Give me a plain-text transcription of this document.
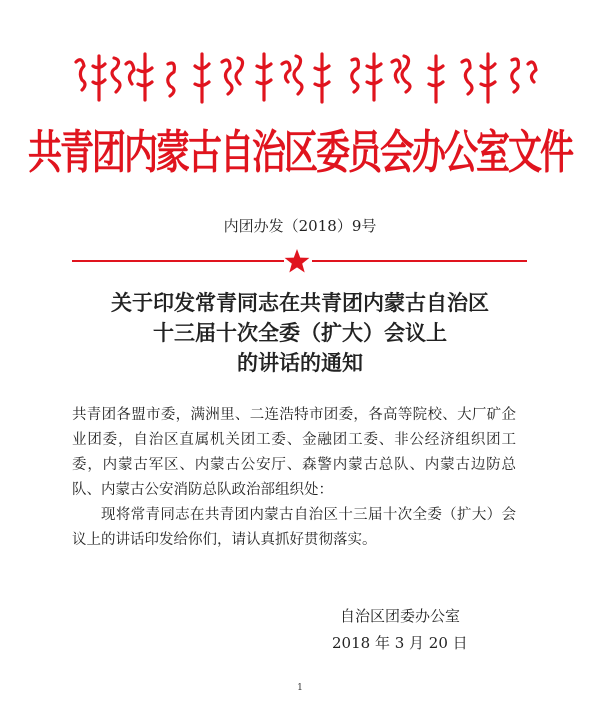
共青团内蒙古自治区委员会办公室文件
内团办发（2018）9号
关于印发常青同志在共青团内蒙古自治区
十三届十次全委（扩大）会议上
的讲话的通知

共青团各盟市委，满洲里、二连浩特市团委，各高等院校、大厂矿企业团委，自治区直属机关团工委、金融团工委、非公经济组织团工委，内蒙古军区、内蒙古公安厅、森警内蒙古总队、内蒙古边防总队、内蒙古公安消防总队政治部组织处：

现将常青同志在共青团内蒙古自治区十三届十次全委（扩大）会议上的讲话印发给你们，请认真抓好贯彻落实。

自治区团委办公室
2018 年 3 月 20 日
1
